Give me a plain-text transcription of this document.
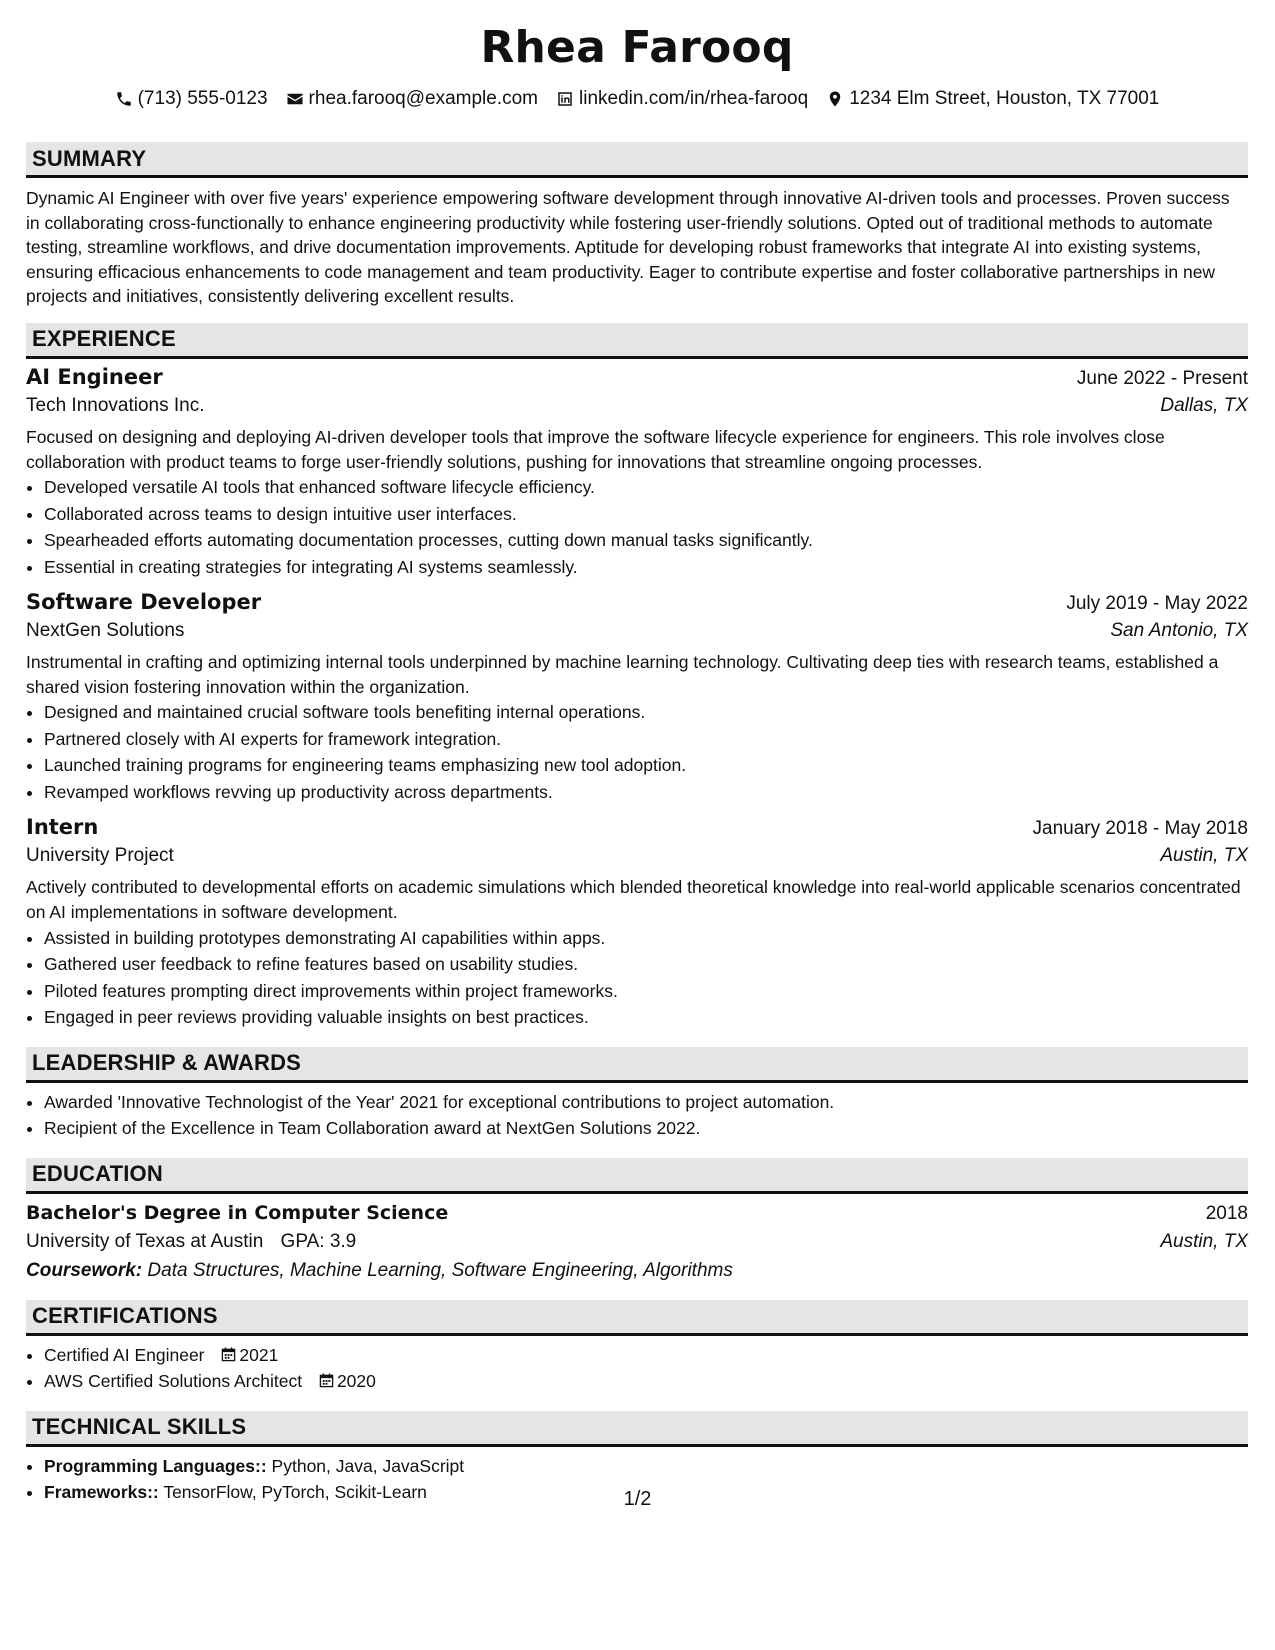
Rhea Farooq
(713) 555-0123 rhea.farooq@example.com linkedin.com/in/rhea-farooq 1234 Elm Street, Houston, TX 77001
SUMMARY
Dynamic AI Engineer with over five years' experience empowering software development through innovative AI-driven tools and processes. Proven success in collaborating cross-functionally to enhance engineering productivity while fostering user-friendly solutions. Opted out of traditional methods to automate testing, streamline workflows, and drive documentation improvements. Aptitude for developing robust frameworks that integrate AI into existing systems, ensuring efficacious enhancements to code management and team productivity. Eager to contribute expertise and foster collaborative partnerships in new projects and initiatives, consistently delivering excellent results.
EXPERIENCE
AI Engineer	June 2022 - Present
Tech Innovations Inc.	Dallas, TX
Focused on designing and deploying AI-driven developer tools that improve the software lifecycle experience for engineers. This role involves close collaboration with product teams to forge user-friendly solutions, pushing for innovations that streamline ongoing processes.
• Developed versatile AI tools that enhanced software lifecycle efficiency.
• Collaborated across teams to design intuitive user interfaces.
• Spearheaded efforts automating documentation processes, cutting down manual tasks significantly.
• Essential in creating strategies for integrating AI systems seamlessly.
Software Developer	July 2019 - May 2022
NextGen Solutions	San Antonio, TX
Instrumental in crafting and optimizing internal tools underpinned by machine learning technology. Cultivating deep ties with research teams, established a shared vision fostering innovation within the organization.
• Designed and maintained crucial software tools benefiting internal operations.
• Partnered closely with AI experts for framework integration.
• Launched training programs for engineering teams emphasizing new tool adoption.
• Revamped workflows revving up productivity across departments.
Intern	January 2018 - May 2018
University Project	Austin, TX
Actively contributed to developmental efforts on academic simulations which blended theoretical knowledge into real-world applicable scenarios concentrated on AI implementations in software development.
• Assisted in building prototypes demonstrating AI capabilities within apps.
• Gathered user feedback to refine features based on usability studies.
• Piloted features prompting direct improvements within project frameworks.
• Engaged in peer reviews providing valuable insights on best practices.
LEADERSHIP & AWARDS
• Awarded 'Innovative Technologist of the Year' 2021 for exceptional contributions to project automation.
• Recipient of the Excellence in Team Collaboration award at NextGen Solutions 2022.
EDUCATION
Bachelor's Degree in Computer Science	2018
University of Texas at Austin GPA: 3.9	Austin, TX
Coursework: Data Structures, Machine Learning, Software Engineering, Algorithms
CERTIFICATIONS
• Certified AI Engineer 2021
• AWS Certified Solutions Architect 2020
TECHNICAL SKILLS
• Programming Languages:: Python, Java, JavaScript
• Frameworks:: TensorFlow, PyTorch, Scikit-Learn	1/2
